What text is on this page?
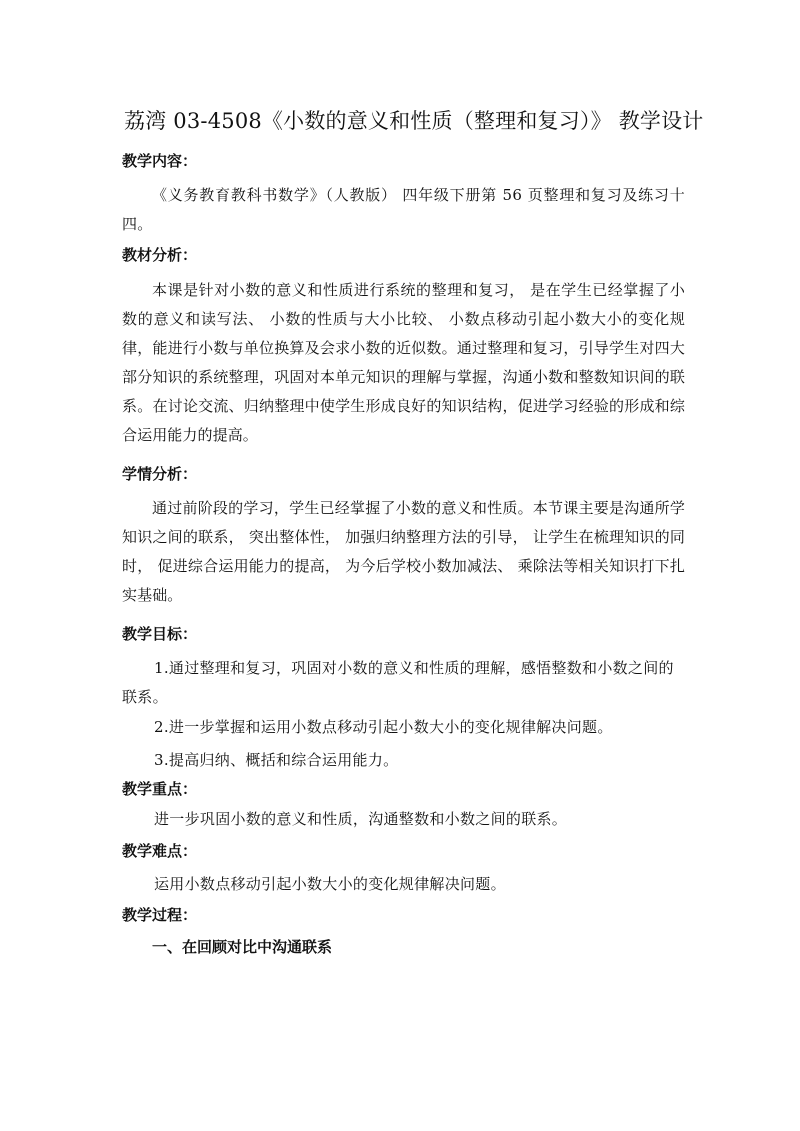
荔湾 03-4508《小数的意义和性质（整理和复习）》 教学设计
教学内容：
《义务教育教科书数学》（人教版） 四年级下册第 56 页整理和复习及练习十四。
教材分析：
本课是针对小数的意义和性质进行系统的整理和复习， 是在学生已经掌握了小数的意义和读写法、 小数的性质与大小比较、 小数点移动引起小数大小的变化规律，能进行小数与单位换算及会求小数的近似数。通过整理和复习，引导学生对四大部分知识的系统整理，巩固对本单元知识的理解与掌握，沟通小数和整数知识间的联系。在讨论交流、归纳整理中使学生形成良好的知识结构，促进学习经验的形成和综合运用能力的提高。
学情分析：
通过前阶段的学习，学生已经掌握了小数的意义和性质。本节课主要是沟通所学知识之间的联系， 突出整体性， 加强归纳整理方法的引导， 让学生在梳理知识的同时， 促进综合运用能力的提高， 为今后学校小数加减法、 乘除法等相关知识打下扎实基础。
教学目标：
1.通过整理和复习，巩固对小数的意义和性质的理解，感悟整数和小数之间的联系。
2.进一步掌握和运用小数点移动引起小数大小的变化规律解决问题。
3.提高归纳、概括和综合运用能力。
教学重点：
进一步巩固小数的意义和性质，沟通整数和小数之间的联系。
教学难点：
运用小数点移动引起小数大小的变化规律解决问题。
教学过程：
一、在回顾对比中沟通联系
